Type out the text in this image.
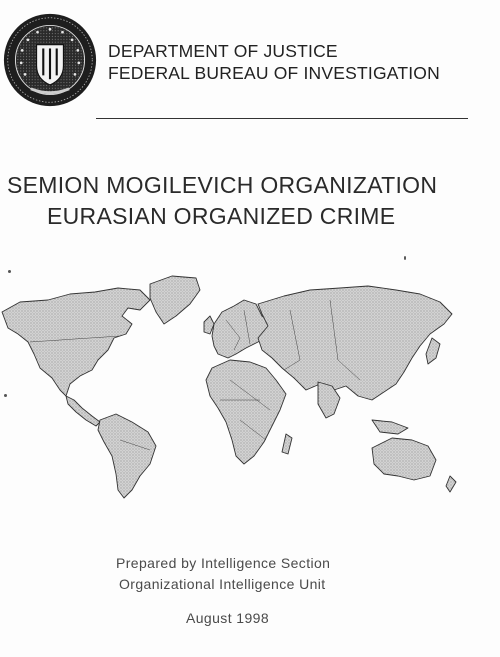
DEPARTMENT OF JUSTICE
FEDERAL BUREAU OF INVESTIGATION
SEMION MOGILEVICH ORGANIZATION
EURASIAN ORGANIZED CRIME
Prepared by Intelligence Section
Organizational Intelligence Unit
August 1998
